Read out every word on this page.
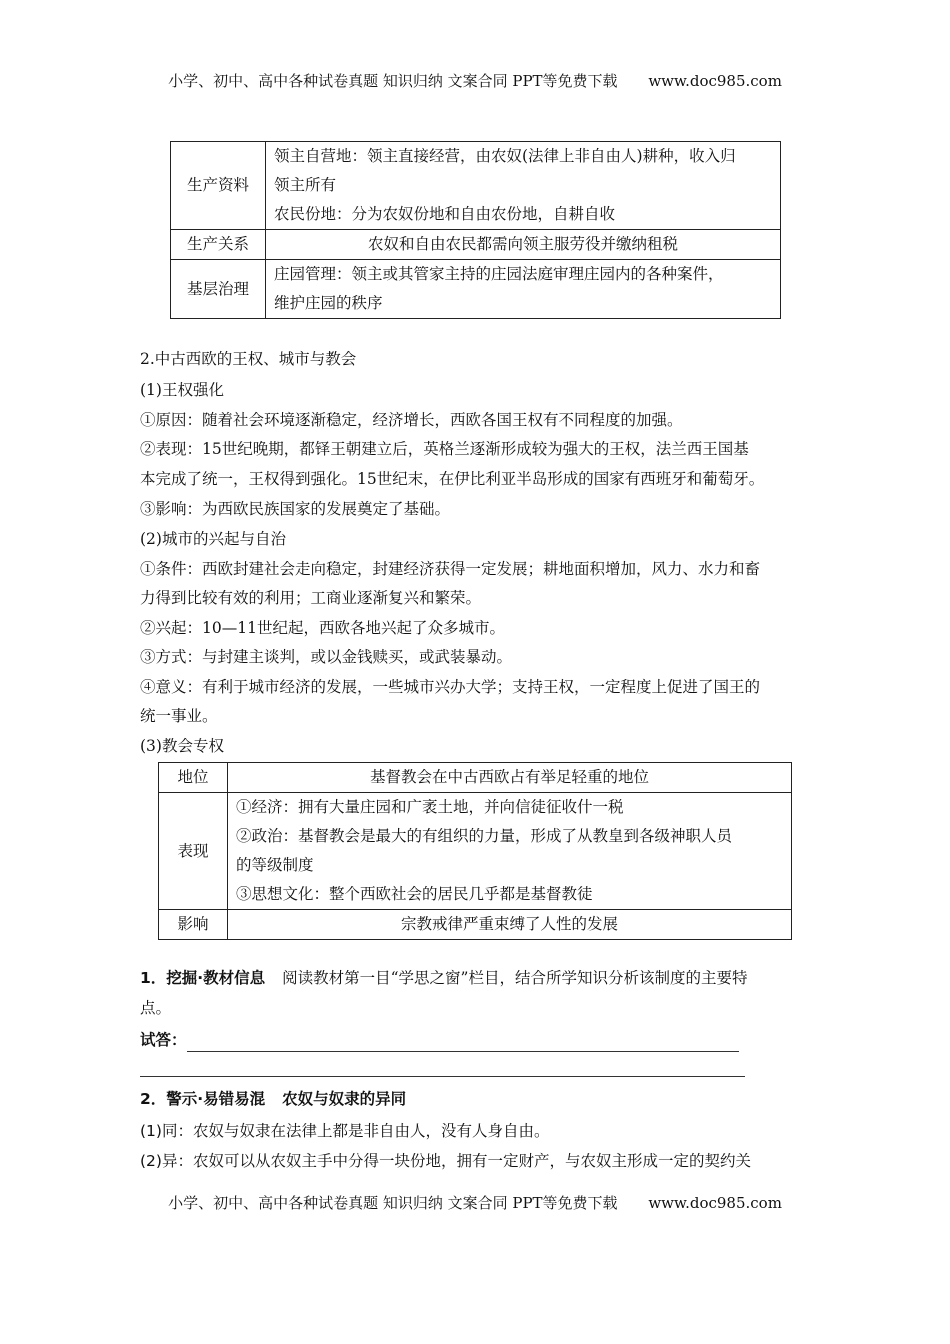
小学、初中、高中各种试卷真题 知识归纳 文案合同 PPT等免费下载 www.doc985.com
生产资料	领主自营地：领主直接经营，由农奴(法律上非自由人)耕种，收入归
领主所有
农民份地：分为农奴份地和自由农份地，自耕自收

生产关系	农奴和自由农民都需向领主服劳役并缴纳租税
基层治理	庄园管理：领主或其管家主持的庄园法庭审理庄园内的各种案件，
维护庄园的秩序
2.中古西欧的王权、城市与教会
(1)王权强化
①原因：随着社会环境逐渐稳定，经济增长，西欧各国王权有不同程度的加强。
②表现：15世纪晚期，都铎王朝建立后，英格兰逐渐形成较为强大的王权，法兰西王国基
本完成了统一，王权得到强化。15世纪末，在伊比利亚半岛形成的国家有西班牙和葡萄牙。
③影响：为西欧民族国家的发展奠定了基础。
(2)城市的兴起与自治
①条件：西欧封建社会走向稳定，封建经济获得一定发展；耕地面积增加，风力、水力和畜
力得到比较有效的利用；工商业逐渐复兴和繁荣。
②兴起：10—11世纪起，西欧各地兴起了众多城市。
③方式：与封建主谈判，或以金钱赎买，或武装暴动。
④意义：有利于城市经济的发展，一些城市兴办大学；支持王权，一定程度上促进了国王的
统一事业。
(3)教会专权
地位	基督教会在中古西欧占有举足轻重的地位
表现	①经济：拥有大量庄园和广袤土地，并向信徒征收什一税
②政治：基督教会是最大的有组织的力量，形成了从教皇到各级神职人员
的等级制度
③思想文化：整个西欧社会的居民几乎都是基督教徒

影响	宗教戒律严重束缚了人性的发展
1．挖掘·教材信息 阅读教材第一目“学思之窗”栏目，结合所学知识分析该制度的主要特
点。
试答：
2．警示·易错易混 农奴与奴隶的异同
(1)同：农奴与奴隶在法律上都是非自由人，没有人身自由。
(2)异：农奴可以从农奴主手中分得一块份地，拥有一定财产，与农奴主形成一定的契约关
小学、初中、高中各种试卷真题 知识归纳 文案合同 PPT等免费下载 www.doc985.com
